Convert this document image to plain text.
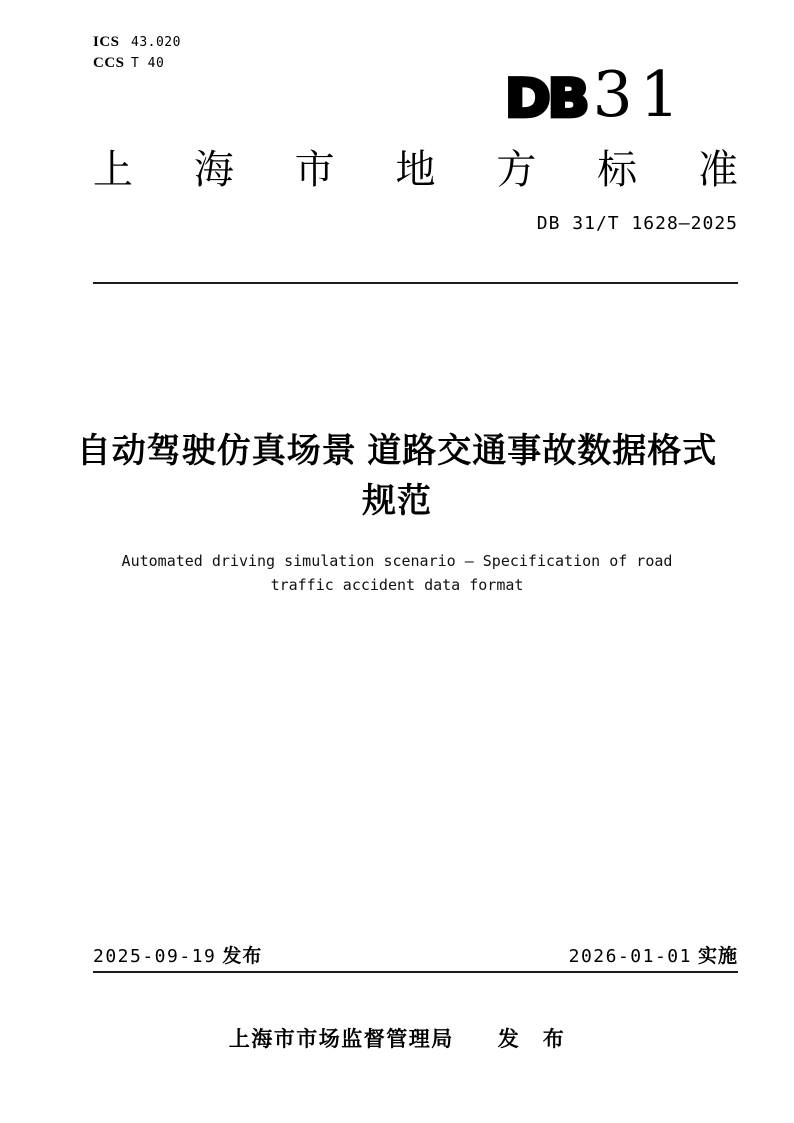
ICS 43.020
CCS T 40
DB 31
上海市地方标准
DB 31/T 1628—2025
自动驾驶仿真场景 道路交通事故数据格式
规范
Automated driving simulation scenario — Specification of road
traffic accident data format
2025-09-19 发布	2026-01-01 实施
上海市市场监督管理局 发　布
